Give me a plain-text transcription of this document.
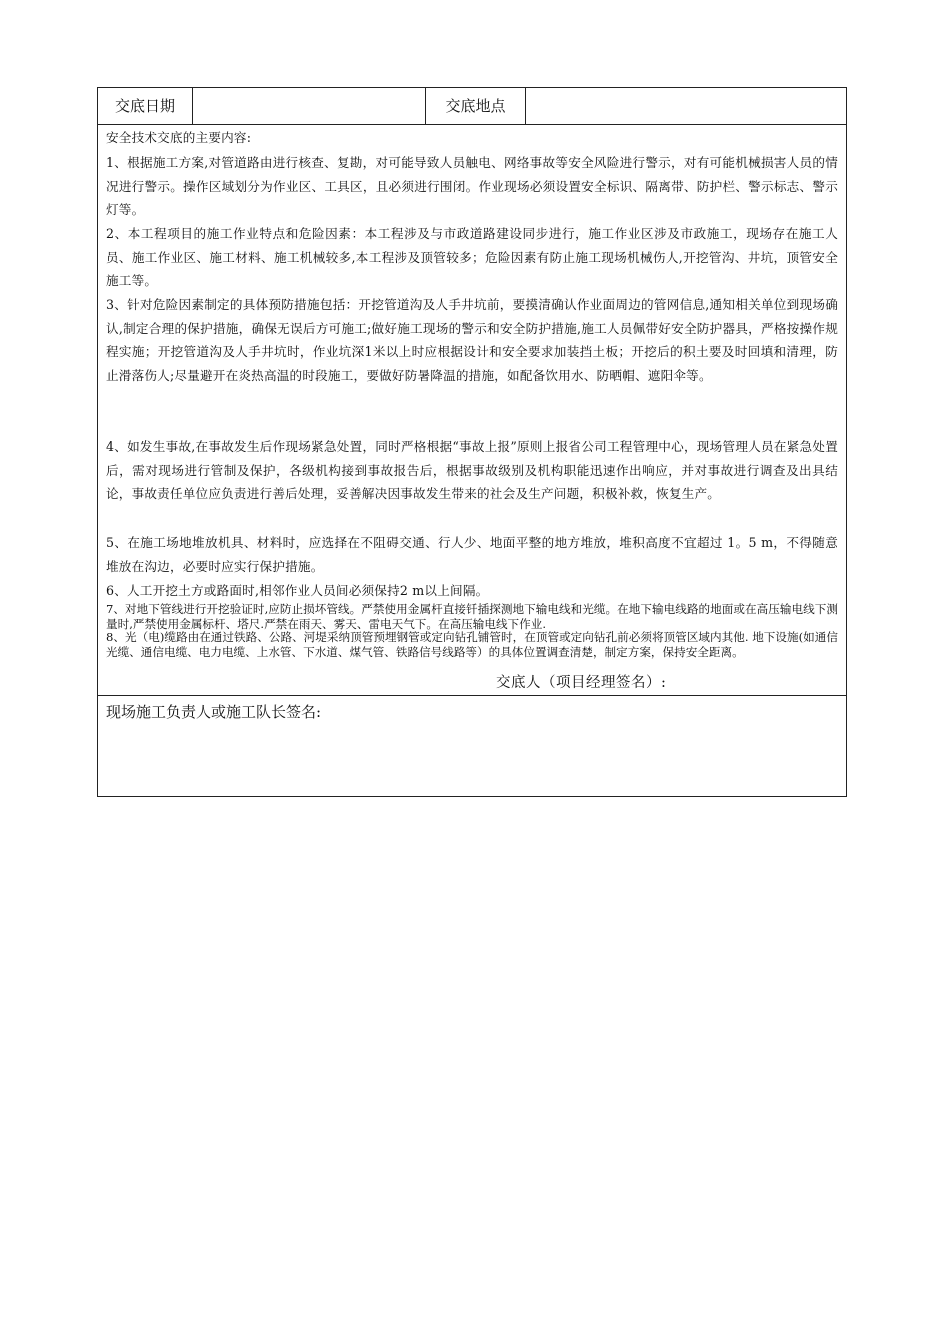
交底日期	交底地点

安全技术交底的主要内容:

1、根据施工方案,对管道路由进行核查、复勘，对可能导致人员触电、网络事故等安全风险进行警示，对有可能机械损害人员的情况进行警示。操作区域划分为作业区、工具区，且必须进行围闭。作业现场必须设置安全标识、隔离带、防护栏、警示标志、警示灯等。

2、本工程项目的施工作业特点和危险因素：本工程涉及与市政道路建设同步进行，施工作业区涉及市政施工，现场存在施工人员、施工作业区、施工材料、施工机械较多,本工程涉及顶管较多；危险因素有防止施工现场机械伤人,开挖管沟、井坑，顶管安全施工等。

3、针对危险因素制定的具体预防措施包括：开挖管道沟及人手井坑前，要摸清确认作业面周边的管网信息,通知相关单位到现场确认,制定合理的保护措施，确保无误后方可施工;做好施工现场的警示和安全防护措施,施工人员佩带好安全防护器具，严格按操作规程实施；开挖管道沟及人手井坑时，作业坑深1米以上时应根据设计和安全要求加装挡土板；开挖后的积土要及时回填和清理，防止滑落伤人;尽量避开在炎热高温的时段施工，要做好防暑降温的措施，如配备饮用水、防晒帽、遮阳伞等。

4、如发生事故,在事故发生后作现场紧急处置，同时严格根据“事故上报”原则上报省公司工程管理中心，现场管理人员在紧急处置后，需对现场进行管制及保护，各级机构接到事故报告后，根据事故级别及机构职能迅速作出响应，并对事故进行调查及出具结论，事故责任单位应负责进行善后处理，妥善解决因事故发生带来的社会及生产问题，积极补救，恢复生产。

5、在施工场地堆放机具、材料时，应选择在不阻碍交通、行人少、地面平整的地方堆放，堆积高度不宜超过 1。5 m，不得随意堆放在沟边，必要时应实行保护措施。

6、人工开挖土方或路面时,相邻作业人员间必须保持2 m以上间隔。

7、对地下管线进行开挖验证时,应防止损坏管线。严禁使用金属杆直接钎插探测地下输电线和光缆。在地下输电线路的地面或在高压输电线下测量时,严禁使用金属标杆、塔尺.严禁在雨天、雾天、雷电天气下。在高压输电线下作业.

8、光（电)缆路由在通过铁路、公路、河堤采纳顶管预埋钢管或定向钻孔铺管时，在顶管或定向钻孔前必须将顶管区域内其他. 地下设施(如通信光缆、通信电缆、电力电缆、上水管、下水道、煤气管、铁路信号线路等）的具体位置调查清楚，制定方案，保持安全距离。

交底人（项目经理签名）:
现场施工负责人或施工队长签名:
